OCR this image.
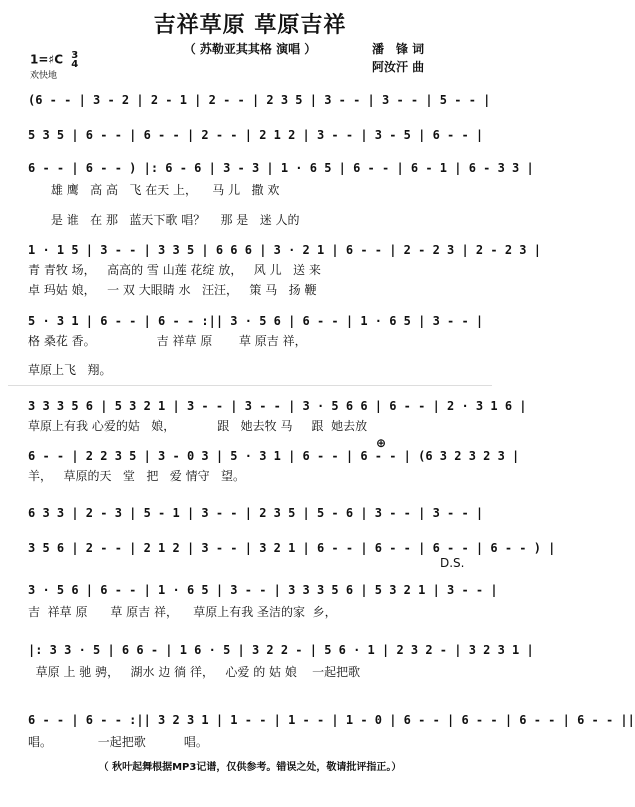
吉祥草原 草原吉祥
（ 苏勒亚其其格 演唱 ）	潘　锋 词
阿汝汗 曲
1=♯C 3
4
欢快地
(6 - - | 3 - 2 | 2 - 1 | 2 - - | 2 3 5 | 3 - - | 3 - - | 5 - - |
5 3 5 | 6 - - | 6 - - | 2 - - | 2 1 2 | 3 - - | 3 - 5 | 6 - - |
6 - - | 6 - - ) |: 6 - 6 | 3 - 3 | 1 · 6 5 | 6 - - | 6 - 1 | 6 - 3 3 |
雄 鹰   高 高   飞 在天 上，    马 儿   撒 欢
是 谁   在 那   蓝天下歌 唱？    那 是   迷 人的
1 · 1 5 | 3 - - | 3 3 5 | 6 6 6 | 3 · 2 1 | 6 - - | 2 - 2 3 | 2 - 2 3 |
青 青牧 场，   高高的 雪 山莲 花绽 放，   风 儿   送 来
卓 玛姑 娘，   一 双 大眼睛 水   汪汪，   策 马   扬 鞭
5 · 3 1 | 6 - - | 6 - - :|| 3 · 5 6 | 6 - - | 1 · 6 5 | 3 - - |
格 桑花 香。                吉 祥草 原       草 原吉 祥，
草原上飞   翔。
3 3 3 5 6 | 5 3 2 1 | 3 - - | 3 - - | 3 · 5 6 6 | 6 - - | 2 · 3 1 6 |
草原上有我 心爱的姑   娘，           跟   她去牧 马     跟  她去放
⊕
6 - - | 2 2 3 5 | 3 - 0 3 | 5 · 3 1 | 6 - - | 6 - - | (6 3 2 3 2 3 |
羊，   草原的天   堂   把   爱 情守   望。
6 3 3 | 2 - 3 | 5 - 1 | 3 - - | 2 3 5 | 5 - 6 | 3 - - | 3 - - |
3 5 6 | 2 - - | 2 1 2 | 3 - - | 3 2 1 | 6 - - | 6 - - | 6 - - | 6 - - ) |
D.S.
3 · 5 6 | 6 - - | 1 · 6 5 | 3 - - | 3 3 3 5 6 | 5 3 2 1 | 3 - - |
吉  祥草 原      草 原吉 祥，    草原上有我 圣洁的家  乡，
|: 3 3 · 5 | 6 6 - | 1 6 · 5 | 3 2 2 - | 5 6 · 1 | 2 3 2 - | 3 2 3 1 |
草原 上 驰 骋，   湖水 边 徜 徉，   心爱 的 姑 娘    一起把歌
6 - - | 6 - - :|| 3 2 3 1 | 1 - - | 1 - - | 1 - 0 | 6 - - | 6 - - | 6 - - | 6 - - ||
唱。            一起把歌          唱。
（ 秋叶起舞根据MP3记谱，仅供参考。错误之处，敬请批评指正。）
